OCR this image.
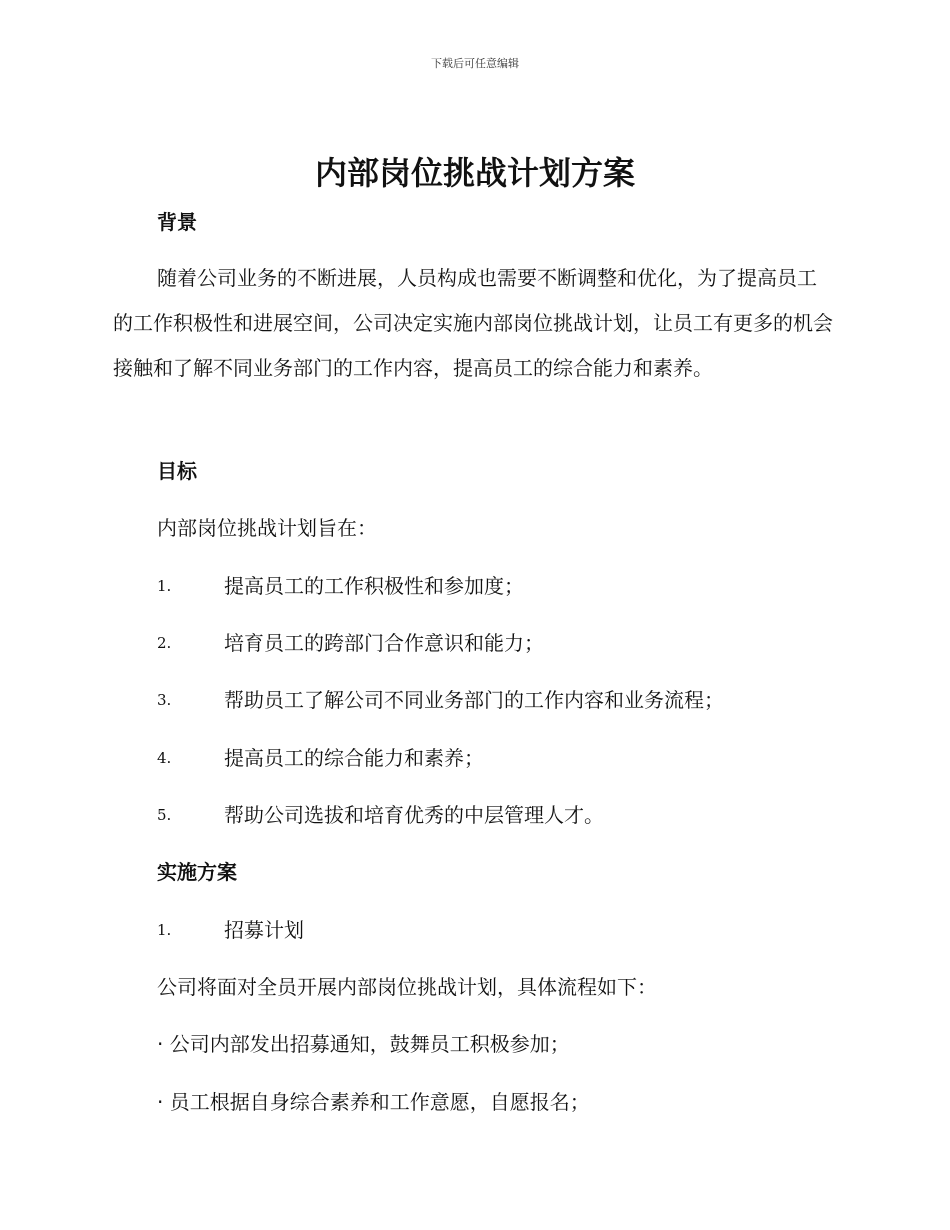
下载后可任意编辑
内部岗位挑战计划方案
背景

随着公司业务的不断进展，人员构成也需要不断调整和优化，为了提高员工的工作积极性和进展空间，公司决定实施内部岗位挑战计划，让员工有更多的机会接触和了解不同业务部门的工作内容，提高员工的综合能力和素养。

目标

内部岗位挑战计划旨在：

1.	提高员工的工作积极性和参加度；
2.	培育员工的跨部门合作意识和能力；
3.	帮助员工了解公司不同业务部门的工作内容和业务流程；
4.	提高员工的综合能力和素养；
5.	帮助公司选拔和培育优秀的中层管理人才。
实施方案
1.	招募计划

公司将面对全员开展内部岗位挑战计划，具体流程如下：

· 公司内部发出招募通知，鼓舞员工积极参加；

· 员工根据自身综合素养和工作意愿，自愿报名；
